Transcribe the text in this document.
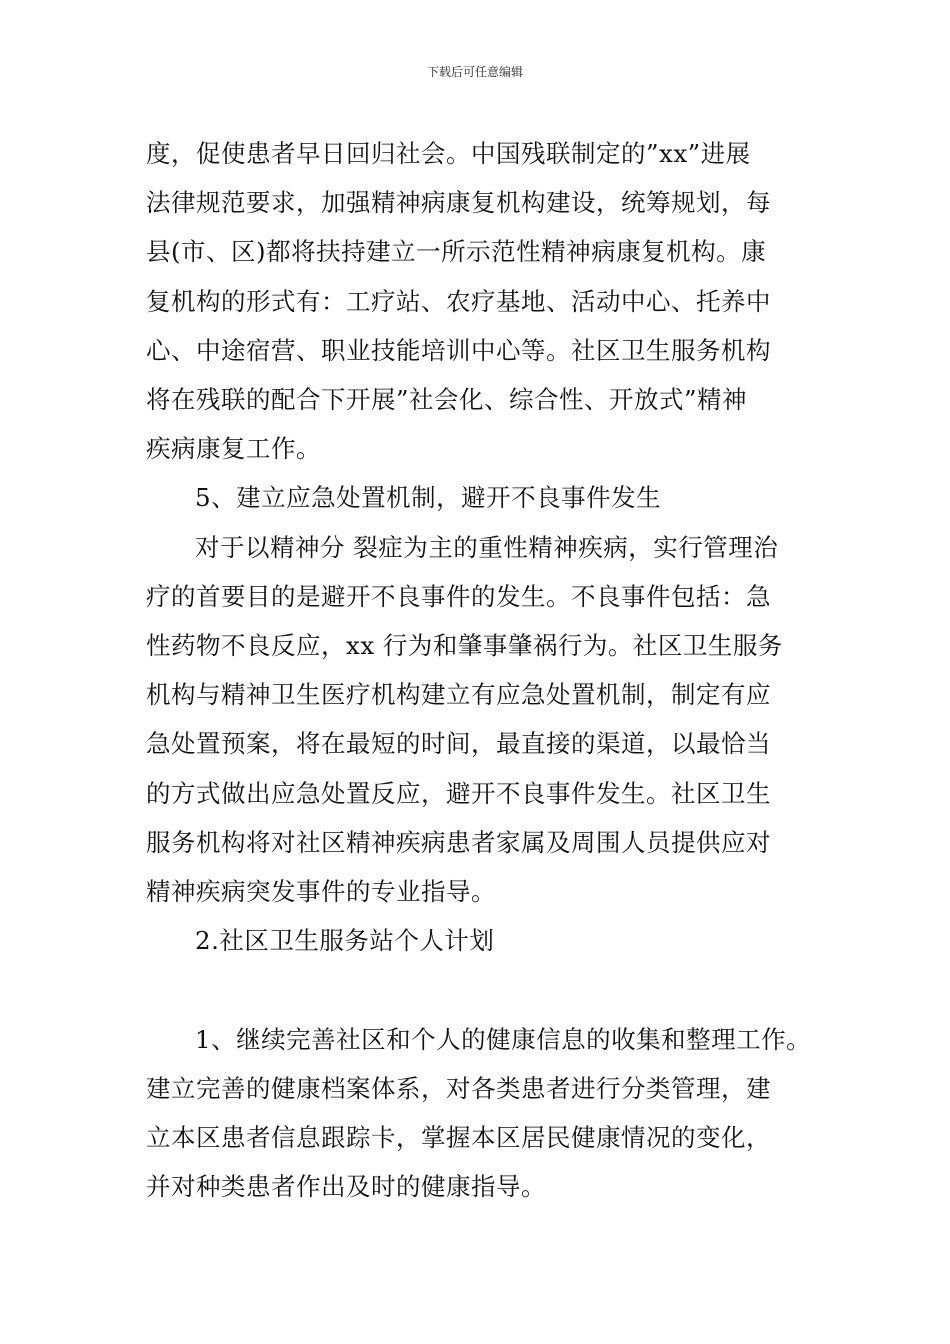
下载后可任意编辑
度，促使患者早日回归社会。中国残联制定的”xx”进展
法律规范要求，加强精神病康复机构建设，统筹规划，每
县(市、区)都将扶持建立一所示范性精神病康复机构。康
复机构的形式有：工疗站、农疗基地、活动中心、托养中
心、中途宿营、职业技能培训中心等。社区卫生服务机构
将在残联的配合下开展”社会化、综合性、开放式”精神
疾病康复工作。
5、建立应急处置机制，避开不良事件发生
对于以精神分 裂症为主的重性精神疾病，实行管理治
疗的首要目的是避开不良事件的发生。不良事件包括：急
性药物不良反应，xx 行为和肇事肇祸行为。社区卫生服务
机构与精神卫生医疗机构建立有应急处置机制，制定有应
急处置预案，将在最短的时间，最直接的渠道，以最恰当
的方式做出应急处置反应，避开不良事件发生。社区卫生
服务机构将对社区精神疾病患者家属及周围人员提供应对
精神疾病突发事件的专业指导。
2.社区卫生服务站个人计划
1、继续完善社区和个人的健康信息的收集和整理工作。
建立完善的健康档案体系，对各类患者进行分类管理，建
立本区患者信息跟踪卡，掌握本区居民健康情况的变化，
并对种类患者作出及时的健康指导。
